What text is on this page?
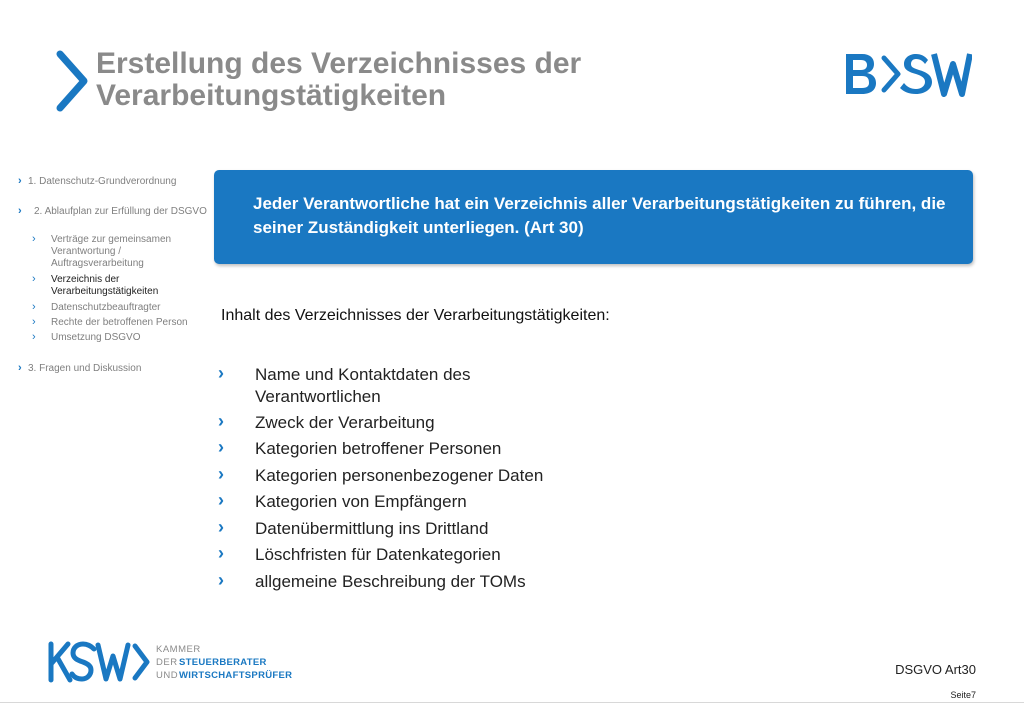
Erstellung des Verzeichnisses der Verarbeitungstätigkeiten
› 1. Datenschutz-Grundverordnung
› 2. Ablaufplan zur Erfüllung der DSGVO
› Verträge zur gemeinsamen Verantwortung / Auftragsverarbeitung
› Verzeichnis der Verarbeitungstätigkeiten
› Datenschutzbeauftragter
› Rechte der betroffenen Person
› Umsetzung DSGVO
› 3. Fragen und Diskussion
Jeder Verantwortliche hat ein Verzeichnis aller Verarbeitungstätigkeiten zu führen, die seiner Zuständigkeit unterliegen. (Art 30)
Inhalt des Verzeichnisses der Verarbeitungstätigkeiten:
› Name und Kontaktdaten des Verantwortlichen
› Zweck der Verarbeitung
› Kategorien betroffener Personen
› Kategorien personenbezogener Daten
› Kategorien von Empfängern
› Datenübermittlung ins Drittland
› Löschfristen für Datenkategorien
› allgemeine Beschreibung der TOMs
KAMMER
DER STEUERBERATER
UND WIRTSCHAFTSPRÜFER	DSGVO Art30
Seite7
